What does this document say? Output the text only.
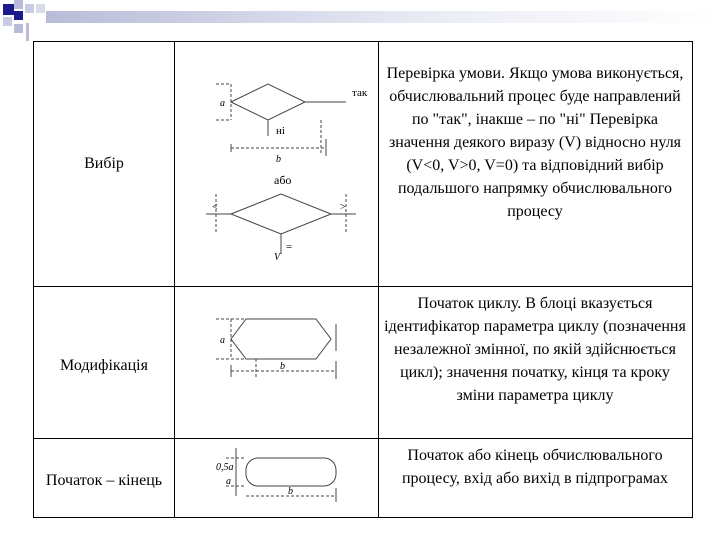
Вибір
так
ні
a
b
або
<	>
=
V
Перевірка умови. Якщо умова виконується, обчислювальний процес буде направлений по "так", інакше – по "ні" Перевірка значення деякого виразу (V) відносно нуля (V<0, V>0, V=0) та відповідний вибір подальшого напрямку обчислювального процесу
Модифікація
a
b
Початок циклу. В блоці вказується ідентифікатор параметра циклу (позначення незалежної змінної, по якій здійснюється цикл); значення початку, кінця та кроку зміни параметра циклу
Початок – кінець
0,5a
a
b
Початок або кінець обчислювального процесу, вхід або вихід в підпрограмах
